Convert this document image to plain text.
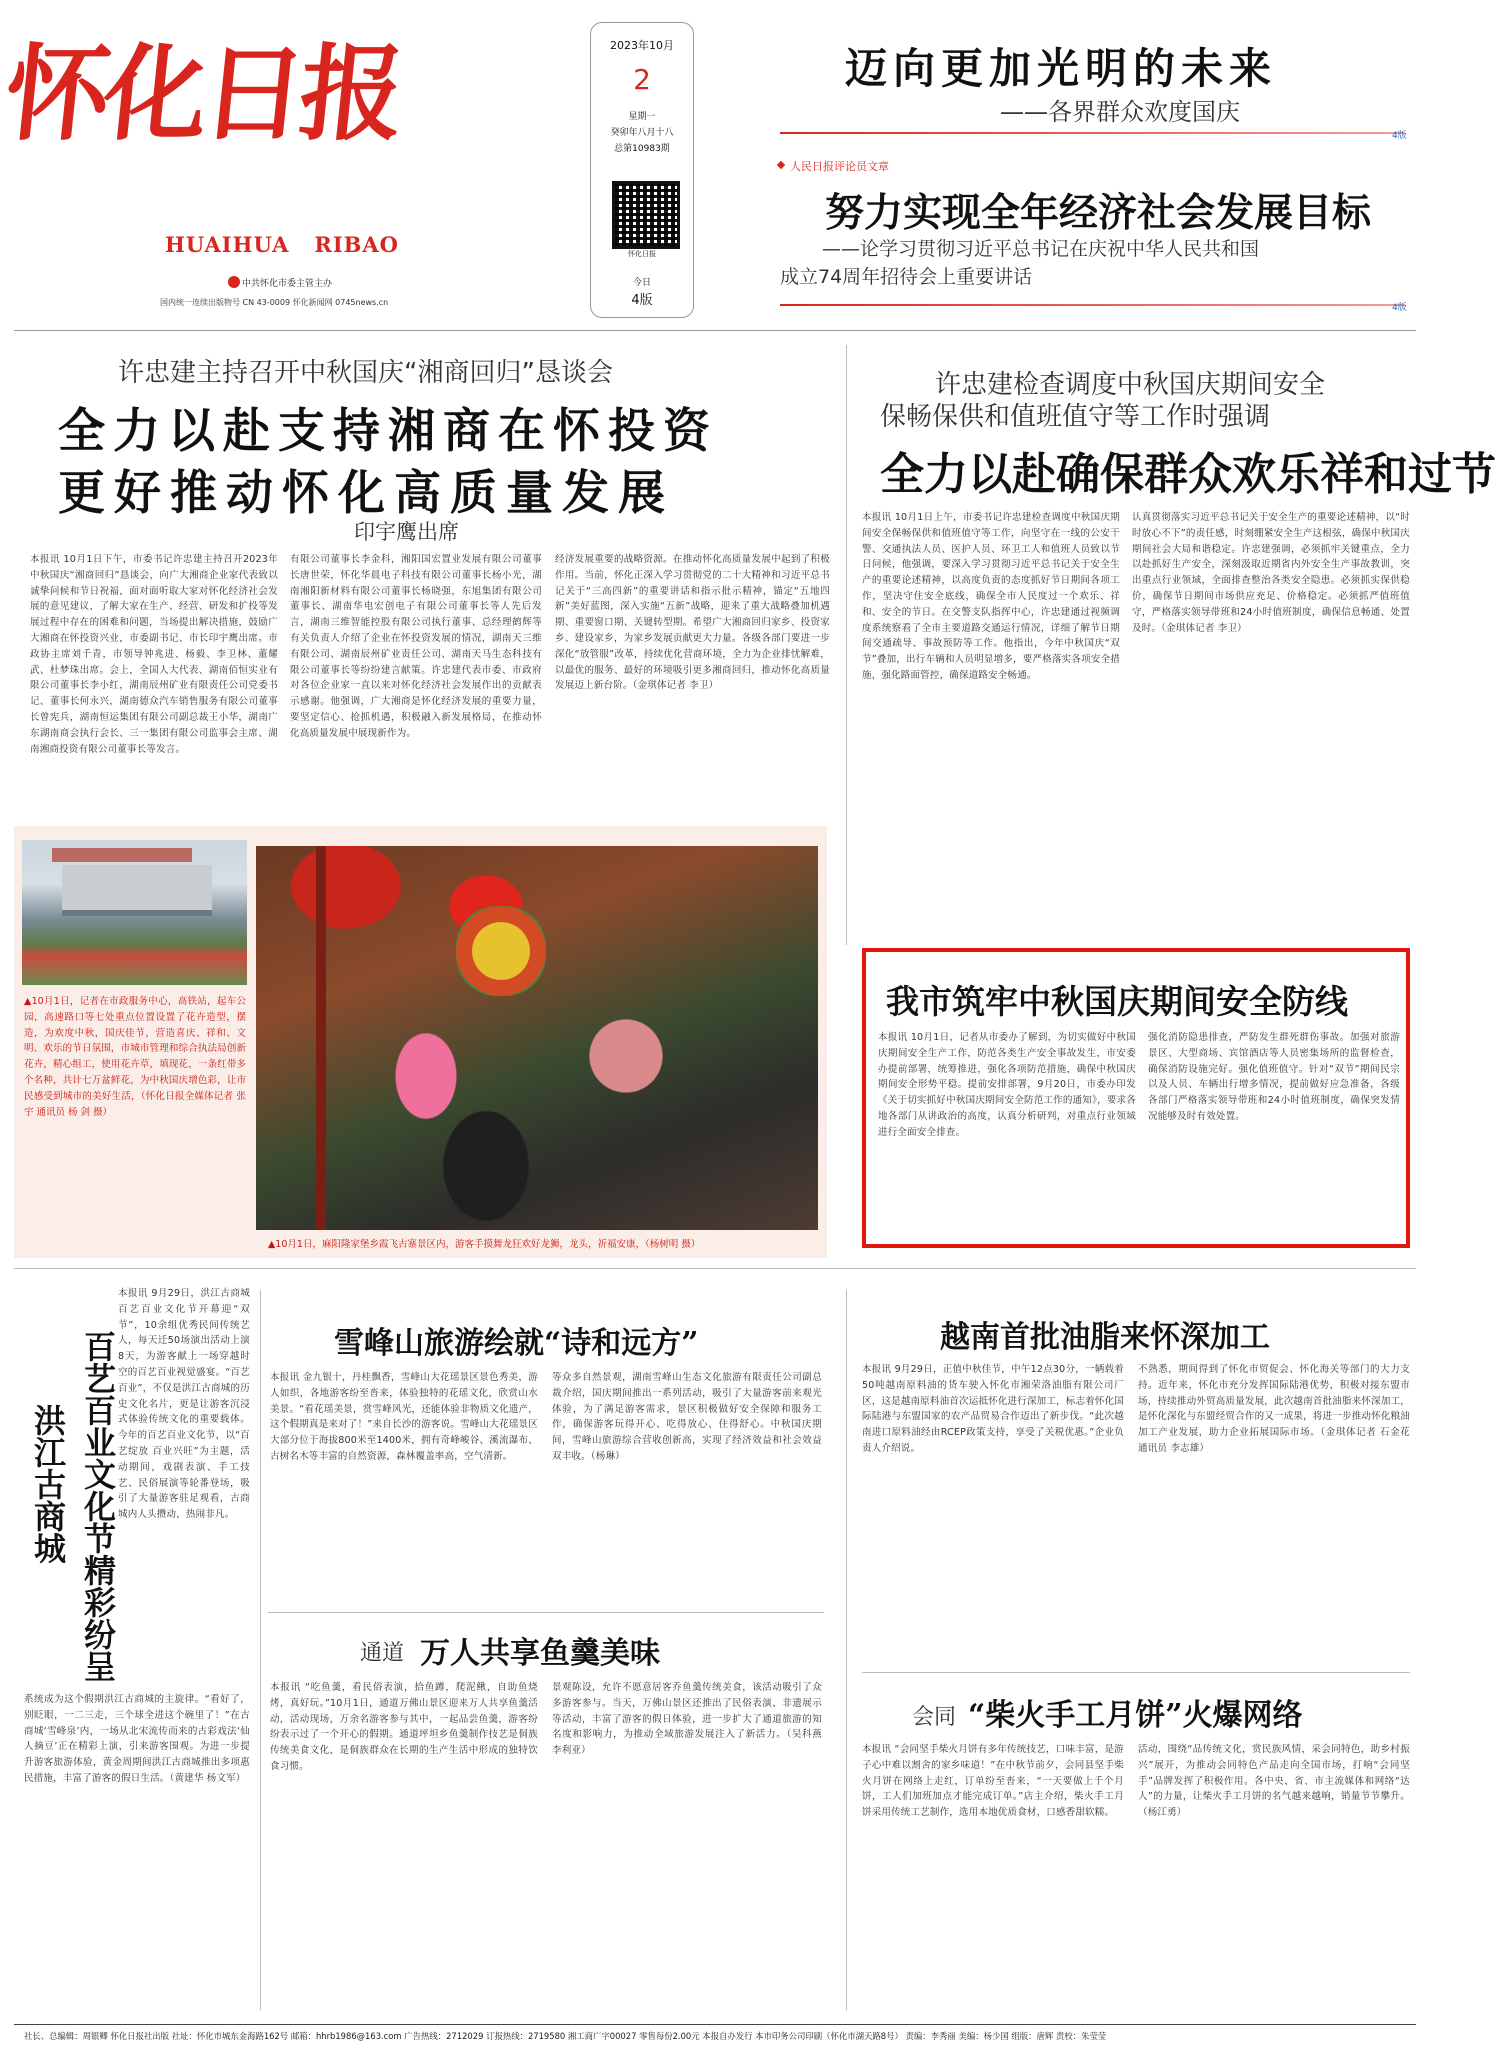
怀化日报
HUAIHUA   RIBAO
中共怀化市委主管主办
国内统一连续出版物号 CN 43-0009 怀化新闻网 0745news.cn
2023年10月
2
星期一
癸卯年八月十八
总第10983期
怀化日报
今日
4版
迈向更加光明的未来
——各界群众欢度国庆
4版
人民日报评论员文章
努力实现全年经济社会发展目标
——论学习贯彻习近平总书记在庆祝中华人民共和国
成立74周年招待会上重要讲话
4版
许忠建主持召开中秋国庆“湘商回归”恳谈会
全力以赴支持湘商在怀投资
更好推动怀化高质量发展
印宇鹰出席
本报讯 10月1日下午，市委书记许忠建主持召开2023年中秋国庆“湘商回归”恳谈会，向广大湘商企业家代表致以诚挚问候和节日祝福，面对面听取大家对怀化经济社会发展的意见建议，了解大家在生产、经营、研发和扩投等发展过程中存在的困难和问题，当场提出解决措施，鼓励广大湘商在怀投资兴业，市委副书记、市长印宇鹰出席。市政协主席刘千青，市领导钟兆进、杨毅、李卫林、董耀武、杜梦珠出席。会上，全国人大代表、湖南佰恒实业有限公司董事长李小红，湖南辰州矿业有限责任公司党委书记、董事长何永兴，湖南德众汽车销售服务有限公司董事长曾宪兵，湖南恒运集团有限公司副总裁王小华，湖南广东湖南商会执行会长、三一集团有限公司监事会主席、湖南湘商投资有限公司董事长等发言。
有限公司董事长李金科，湘阳国宏置业发展有限公司董事长唐世荣，怀化华晨电子科技有限公司董事长杨小光，湖南湘阳新材料有限公司董事长杨晓强，东旭集团有限公司董事长、湖南华电宏创电子有限公司董事长等人先后发言，湖南三维智能控股有限公司执行董事、总经理鹤辉等有关负责人介绍了企业在怀投资发展的情况，湖南天三维有限公司、湖南辰州矿业责任公司、湖南天马生态科技有限公司董事长等纷纷建言献策。许忠建代表市委、市政府对各位企业家一直以来对怀化经济社会发展作出的贡献表示感谢。他强调，广大湘商是怀化经济发展的重要力量，要坚定信心、抢抓机遇，积极融入新发展格局，在推动怀化高质量发展中展现新作为。
经济发展重要的战略资源。在推动怀化高质量发展中起到了积极作用。当前，怀化正深入学习贯彻党的二十大精神和习近平总书记关于“三高四新”的重要讲话和指示批示精神，锚定“五地四新”美好蓝图，深入实施“五新”战略，迎来了重大战略叠加机遇期、重要窗口期、关键转型期。希望广大湘商回归家乡、投资家乡、建设家乡，为家乡发展贡献更大力量。各级各部门要进一步深化“放管服”改革，持续优化营商环境，全力为企业排忧解难，以最优的服务、最好的环境吸引更多湘商回归，推动怀化高质量发展迈上新台阶。（金琪体记者 李卫）
许忠建检查调度中秋国庆期间安全
保畅保供和值班值守等工作时强调
全力以赴确保群众欢乐祥和过节
本报讯 10月1日上午，市委书记许忠建检查调度中秋国庆期间安全保畅保供和值班值守等工作，向坚守在一线的公安干警、交通执法人员、医护人员、环卫工人和值班人员致以节日问候，他强调，要深入学习贯彻习近平总书记关于安全生产的重要论述精神，以高度负责的态度抓好节日期间各项工作，坚决守住安全底线，确保全市人民度过一个欢乐、祥和、安全的节日。在交警支队指挥中心，许忠建通过视频调度系统察看了全市主要道路交通运行情况，详细了解节日期间交通疏导、事故预防等工作。他指出，今年中秋国庆“双节”叠加，出行车辆和人员明显增多，要严格落实各项安全措施，强化路面管控，确保道路安全畅通。
认真贯彻落实习近平总书记关于安全生产的重要论述精神，以“时时放心不下”的责任感，时刻绷紧安全生产这根弦，确保中秋国庆期间社会大局和谐稳定。许忠建强调，必须抓牢关键重点，全力以赴抓好生产安全，深刻汲取近期省内外安全生产事故教训，突出重点行业领域，全面排查整治各类安全隐患。必须抓实保供稳价，确保节日期间市场供应充足、价格稳定。必须抓严值班值守，严格落实领导带班和24小时值班制度，确保信息畅通、处置及时。（金琪体记者 李卫）
▲10月1日，记者在市政服务中心，高铁站，起车公园，高速路口等七处重点位置设置了花卉造型，摆造，为欢度中秋，国庆佳节，营造喜庆、祥和、文明、欢乐的节日氛围，市城市管理和综合执法局创新花卉，精心组工，使用花卉草，填现花，一条红带多个名种，共计七万盆鲜花，为中秋国庆增色彩，让市民感受到城市的美好生活，（怀化日报全媒体记者 张 宇 通讯员 杨 剑 摄）
▲10月1日，麻阳隆家堡乡霞飞古寨景区内，游客手摸舞龙狂欢好龙狮，龙头，祈福安康，（杨树明 摄）
我市筑牢中秋国庆期间安全防线
本报讯 10月1日，记者从市委办了解到，为切实做好中秋国庆期间安全生产工作，防范各类生产安全事故发生，市安委办提前部署，统筹推进，强化各项防范措施，确保中秋国庆期间安全形势平稳。提前安排部署，9月20日，市委办印发《关于切实抓好中秋国庆期间安全防范工作的通知》，要求各地各部门从讲政治的高度，认真分析研判，对重点行业领域进行全面安全排查。
强化消防隐患排查，严防发生群死群伤事故。加强对旅游景区、大型商场、宾馆酒店等人员密集场所的监督检查，确保消防设施完好。强化值班值守。针对“双节”期间民宗以及人员、车辆出行增多情况，提前做好应急准备，各级各部门严格落实领导带班和24小时值班制度，确保突发情况能够及时有效处置。
百艺百业文化节精彩纷呈
洪江古商城
本报讯 9月29日，洪江古商城百艺百业文化节开幕迎“双节”，10余组优秀民间传统艺人，每天迁50场演出活动上演8天，为游客献上一场穿越时空的百艺百业视觉盛宴。“百艺百业”，不仅是洪江古商城的历史文化名片，更是让游客沉浸式体验传统文化的重要载体。今年的百艺百业文化节，以“百艺绽放 百业兴旺”为主题，活动期间，戏剧表演、手工技艺、民俗展演等轮番登场，吸引了大量游客驻足观看，古商城内人头攒动，热闹非凡。
系统成为这个假期洪江古商城的主旋律。“看好了，别眨眼，一二三走，三个球全进这个碗里了！”在古商城‘雪峰泉’内，一场从北宋流传而来的古彩戏法‘仙人摘豆’正在精彩上演，引来游客围观。为进一步提升游客旅游体验，黄金周期间洪江古商城推出多项惠民措施，丰富了游客的假日生活。（黄建华 杨文军）
雪峰山旅游绘就“诗和远方”
本报讯 金九银十，丹桂飘香，雪峰山大花瑶景区景色秀美，游人如织，各地游客纷至沓来，体验独特的花瑶文化，欣赏山水美景。“看花瑶美景，赏雪峰风光，还能体验非物质文化遗产，这个假期真是来对了！”来自长沙的游客说。雪峰山大花瑶景区大部分位于海拔800米至1400米，拥有奇峰峻谷、溪流瀑布、古树名木等丰富的自然资源，森林覆盖率高，空气清新。
等众多自然景观，湖南雪峰山生态文化旅游有限责任公司副总裁介绍，国庆期间推出一系列活动，吸引了大量游客前来观光体验，为了满足游客需求，景区积极做好安全保障和服务工作，确保游客玩得开心、吃得放心、住得舒心。中秋国庆期间，雪峰山旅游综合营收创新高，实现了经济效益和社会效益双丰收。（杨琳）
通道 万人共享鱼羹美味
本报讯 “吃鱼羹，看民俗表演，拾鱼蹲，爬泥鳅，自助鱼烧烤，真好玩。”10月1日，通道万佛山景区迎来万人共享鱼羹活动，活动现场，万余名游客参与其中，一起品尝鱼羹，游客纷纷表示过了一个开心的假期。通道坪坦乡鱼羹制作技艺是侗族传统美食文化，是侗族群众在长期的生产生活中形成的独特饮食习惯。
景观陈设，允许不愿意居客乔鱼羹传统美食，该活动吸引了众多游客参与。当天，万佛山景区还推出了民俗表演、非遗展示等活动，丰富了游客的假日体验，进一步扩大了通道旅游的知名度和影响力，为推动全域旅游发展注入了新活力。（吴科燕 李利亚）
越南首批油脂来怀深加工
本报讯 9月29日，正值中秋佳节，中午12点30分，一辆载着50吨越南原料油的货车驶入怀化市湘荣洛油脂有限公司厂区，这是越南原料油首次运抵怀化进行深加工，标志着怀化国际陆港与东盟国家的农产品贸易合作迈出了新步伐。“此次越南进口原料油经由RCEP政策支持，享受了关税优惠。”企业负责人介绍说。
不熟悉，期间得到了怀化市贸促会、怀化海关等部门的大力支持。近年来，怀化市充分发挥国际陆港优势，积极对接东盟市场，持续推动外贸高质量发展，此次越南首批油脂来怀深加工，是怀化深化与东盟经贸合作的又一成果，将进一步推动怀化粮油加工产业发展，助力企业拓展国际市场。（金琪体记者 石金花 通讯员 李志雄）
会同 “柴火手工月饼”火爆网络
本报讯 “会同坚手柴火月饼有多年传统技艺，口味丰富，是游子心中难以割舍的家乡味道！”在中秋节前夕，会同县坚手柴火月饼在网络上走红，订单纷至沓来，“一天要做上千个月饼，工人们加班加点才能完成订单。”店主介绍，柴火手工月饼采用传统工艺制作，选用本地优质食材，口感香甜软糯。
活动，围绕“品传统文化，赏民族风情，采会同特色，助乡村振兴”展开，为推动会同特色产品走向全国市场，打响“会同坚手”品牌发挥了积极作用。各中央、省、市主流媒体和网络“达人”的力量，让柴火手工月饼的名气越来越响，销量节节攀升。（杨江勇）
社长、总编辑：周银卿 怀化日报社出版 社址：怀化市城东金海路162号 邮箱：hhrb1986@163.com 广告热线：2712029 订报热线：2719580 湘工商广字00027 零售每份2.00元 本报自办发行 本市印务公司印刷（怀化市湖天路8号） 责编：李秀丽 美编：杨少国 组版：唐辉 责校：朱莹莹
